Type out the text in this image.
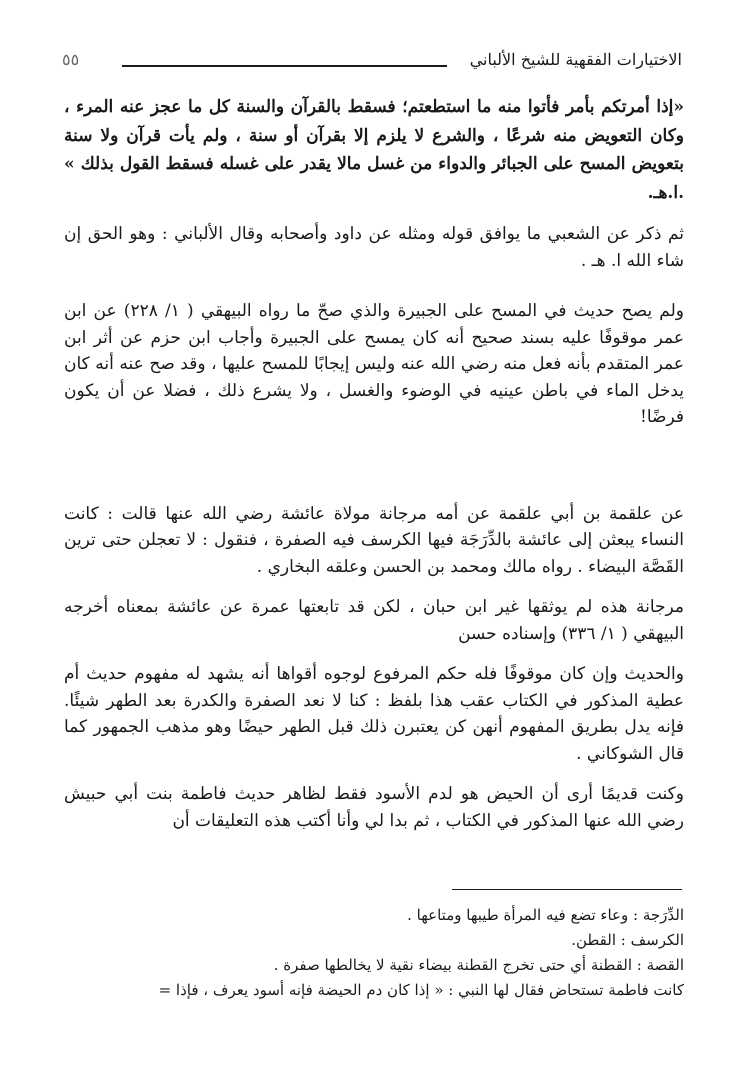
الاختيارات الفقهية للشيخ الألباني
٥٥

«إذا أمرتكم بأمر فأتوا منه ما استطعتم؛ فسقط بالقرآن والسنة كل ما عجز عنه المرء ، وكان التعويض منه شرعًا ، والشرع لا يلزم إلا بقرآن أو سنة ، ولم يأت قرآن ولا سنة بتعويض المسح على الجبائر والدواء من غسل مالا يقدر على غسله فسقط القول بذلك » .ا.هـ.

ثم ذكر عن الشعبي ما يوافق قوله ومثله عن داود وأصحابه وقال الألباني : وهو الحق إن شاء الله ا. هـ .

ولم يصح حديث في المسح على الجبيرة والذي صحّ ما رواه البيهقي ( ١/ ٢٢٨) عن ابن عمر موقوفًا عليه بسند صحيح أنه كان يمسح على الجبيرة وأجاب ابن حزم عن أثر ابن عمر المتقدم بأنه فعل منه رضي الله عنه وليس إيجابًا للمسح عليها ، وقد صح عنه أنه كان يدخل الماء في باطن عينيه في الوضوء والغسل ، ولا يشرع ذلك ، فضلا عن أن يكون فرضًا!

عن علقمة بن أبي علقمة عن أمه مرجانة مولاة عائشة رضي الله عنها قالت : كانت النساء يبعثن إلى عائشة بالدِّرَجَة فيها الكرسف فيه الصفرة ، فنقول : لا تعجلن حتى ترين القَصَّة البيضاء . رواه مالك ومحمد بن الحسن وعلقه البخاري .

مرجانة هذه لم يوثقها غير ابن حبان ، لكن قد تابعتها عمرة عن عائشة بمعناه أخرجه البيهقي ( ١/ ٣٣٦) وإسناده حسن

والحديث وإن كان موقوفًا فله حكم المرفوع لوجوه أقواها أنه يشهد له مفهوم حديث أم عطية المذكور في الكتاب عقب هذا بلفظ : كنا لا نعد الصفرة والكدرة بعد الطهر شيئًا. فإنه يدل بطريق المفهوم أنهن كن يعتبرن ذلك قبل الطهر حيضًا وهو مذهب الجمهور كما قال الشوكاني .

وكنت قديمًا أرى أن الحيض هو لدم الأسود فقط لظاهر حديث فاطمة بنت أبي حبيش رضي الله عنها المذكور في الكتاب ، ثم بدا لي وأنا أكتب هذه التعليقات أن

الدِّرَجة : وعاء تضع فيه المرأة طيبها ومتاعها .
الكرسف : القطن.
القصة : القطنة أي حتى تخرج القطنة بيضاء نقية لا يخالطها صفرة .
كانت فاطمة تستحاض فقال لها النبي : « إذا كان دم الحيضة فإنه أسود يعرف ، فإذا =
